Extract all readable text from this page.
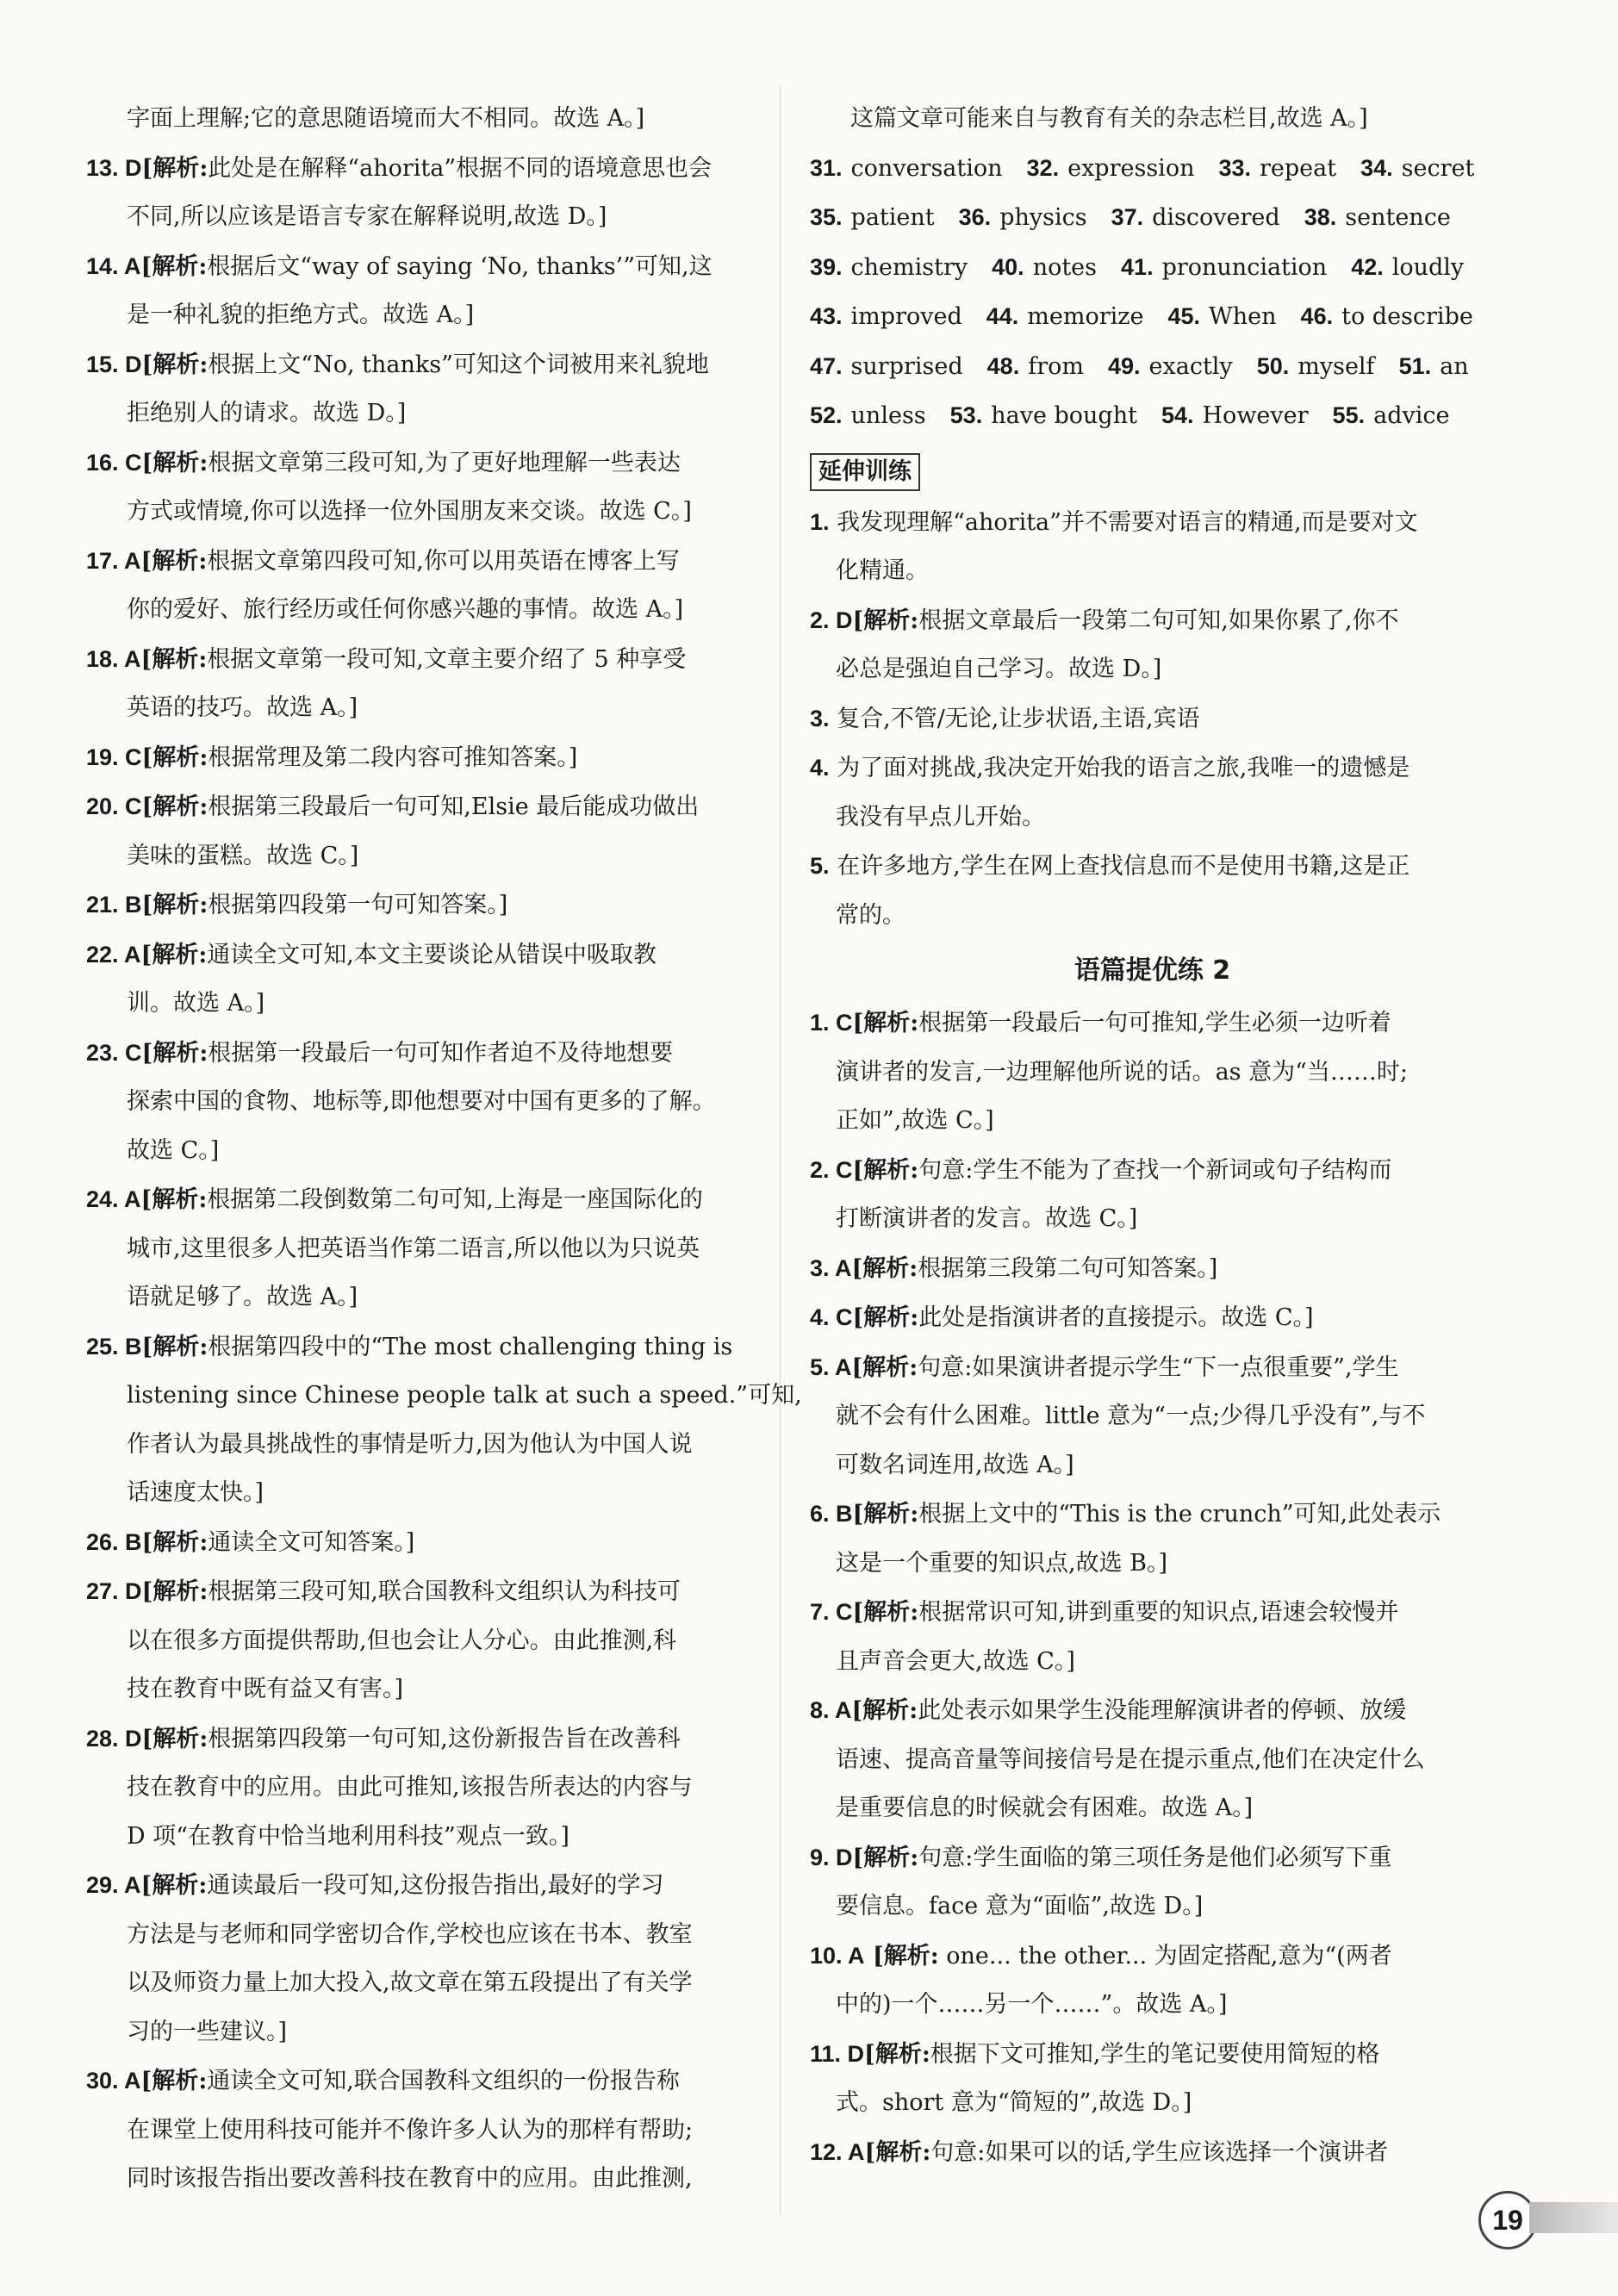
字面上理解;它的意思随语境而大不相同。故选 A。]
13. D[解析:此处是在解释“ahorita”根据不同的语境意思也会
不同,所以应该是语言专家在解释说明,故选 D。]
14. A[解析:根据后文“way of saying ‘No, thanks’”可知,这
是一种礼貌的拒绝方式。故选 A。]
15. D[解析:根据上文“No, thanks”可知这个词被用来礼貌地
拒绝别人的请求。故选 D。]
16. C[解析:根据文章第三段可知,为了更好地理解一些表达
方式或情境,你可以选择一位外国朋友来交谈。故选 C。]
17. A[解析:根据文章第四段可知,你可以用英语在博客上写
你的爱好、旅行经历或任何你感兴趣的事情。故选 A。]
18. A[解析:根据文章第一段可知,文章主要介绍了 5 种享受
英语的技巧。故选 A。]
19. C[解析:根据常理及第二段内容可推知答案。]
20. C[解析:根据第三段最后一句可知,Elsie 最后能成功做出
美味的蛋糕。故选 C。]
21. B[解析:根据第四段第一句可知答案。]
22. A[解析:通读全文可知,本文主要谈论从错误中吸取教
训。故选 A。]
23. C[解析:根据第一段最后一句可知作者迫不及待地想要
探索中国的食物、地标等,即他想要对中国有更多的了解。
故选 C。]
24. A[解析:根据第二段倒数第二句可知,上海是一座国际化的
城市,这里很多人把英语当作第二语言,所以他以为只说英
语就足够了。故选 A。]
25. B[解析:根据第四段中的“The most challenging thing is
listening since Chinese people talk at such a speed.”可知,
作者认为最具挑战性的事情是听力,因为他认为中国人说
话速度太快。]
26. B[解析:通读全文可知答案。]
27. D[解析:根据第三段可知,联合国教科文组织认为科技可
以在很多方面提供帮助,但也会让人分心。由此推测,科
技在教育中既有益又有害。]
28. D[解析:根据第四段第一句可知,这份新报告旨在改善科
技在教育中的应用。由此可推知,该报告所表达的内容与
D 项“在教育中恰当地利用科技”观点一致。]
29. A[解析:通读最后一段可知,这份报告指出,最好的学习
方法是与老师和同学密切合作,学校也应该在书本、教室
以及师资力量上加大投入,故文章在第五段提出了有关学
习的一些建议。]
30. A[解析:通读全文可知,联合国教科文组织的一份报告称
在课堂上使用科技可能并不像许多人认为的那样有帮助;
同时该报告指出要改善科技在教育中的应用。由此推测,
这篇文章可能来自与教育有关的杂志栏目,故选 A。]
31. conversation 32. expression 33. repeat 34. secret
35. patient 36. physics 37. discovered 38. sentence
39. chemistry 40. notes 41. pronunciation 42. loudly
43. improved 44. memorize 45. When 46. to describe
47. surprised 48. from 49. exactly 50. myself 51. an
52. unless 53. have bought 54. However 55. advice
延伸训练
1. 我发现理解“ahorita”并不需要对语言的精通,而是要对文
化精通。
2. D[解析:根据文章最后一段第二句可知,如果你累了,你不
必总是强迫自己学习。故选 D。]
3. 复合,不管/无论,让步状语,主语,宾语
4. 为了面对挑战,我决定开始我的语言之旅,我唯一的遗憾是
我没有早点儿开始。
5. 在许多地方,学生在网上查找信息而不是使用书籍,这是正
常的。
语篇提优练 2
1. C[解析:根据第一段最后一句可推知,学生必须一边听着
演讲者的发言,一边理解他所说的话。as 意为“当……时;
正如”,故选 C。]
2. C[解析:句意:学生不能为了查找一个新词或句子结构而
打断演讲者的发言。故选 C。]
3. A[解析:根据第三段第二句可知答案。]
4. C[解析:此处是指演讲者的直接提示。故选 C。]
5. A[解析:句意:如果演讲者提示学生“下一点很重要”,学生
就不会有什么困难。little 意为“一点;少得几乎没有”,与不
可数名词连用,故选 A。]
6. B[解析:根据上文中的“This is the crunch”可知,此处表示
这是一个重要的知识点,故选 B。]
7. C[解析:根据常识可知,讲到重要的知识点,语速会较慢并
且声音会更大,故选 C。]
8. A[解析:此处表示如果学生没能理解演讲者的停顿、放缓
语速、提高音量等间接信号是在提示重点,他们在决定什么
是重要信息的时候就会有困难。故选 A。]
9. D[解析:句意:学生面临的第三项任务是他们必须写下重
要信息。face 意为“面临”,故选 D。]
10. A [解析: one... the other... 为固定搭配,意为“(两者
中的)一个……另一个……”。故选 A。]
11. D[解析:根据下文可推知,学生的笔记要使用简短的格
式。short 意为“简短的”,故选 D。]
12. A[解析:句意:如果可以的话,学生应该选择一个演讲者
19
